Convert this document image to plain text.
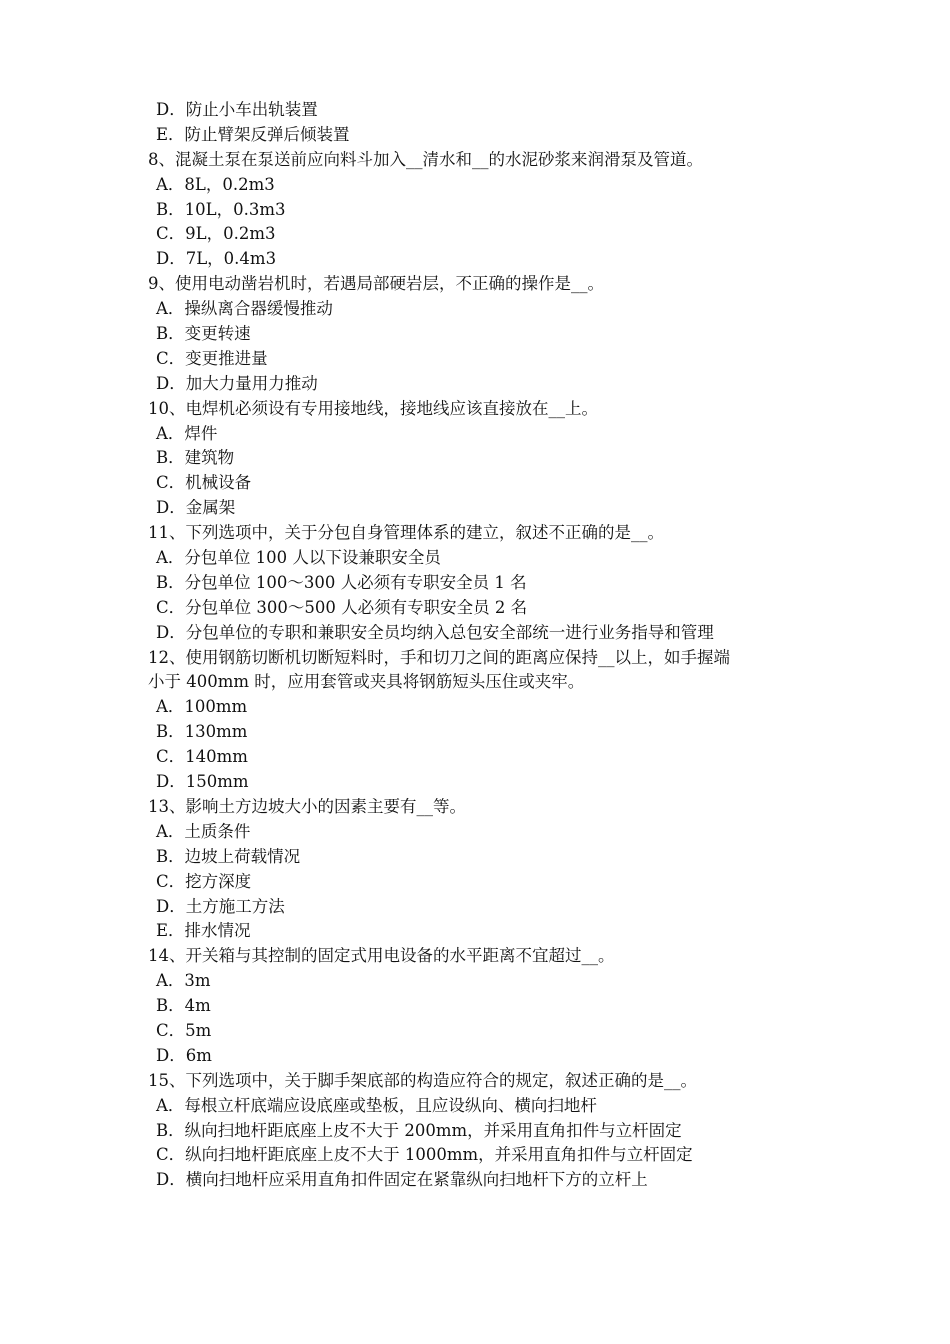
D．防止小车出轨装置
E．防止臂架反弹后倾装置
8、混凝土泵在泵送前应向料斗加入__清水和__的水泥砂浆来润滑泵及管道。
A．8L，0.2m3
B．10L，0.3m3
C．9L，0.2m3
D．7L，0.4m3
9、使用电动凿岩机时，若遇局部硬岩层，不正确的操作是__。
A．操纵离合器缓慢推动
B．变更转速
C．变更推进量
D．加大力量用力推动
10、电焊机必须设有专用接地线，接地线应该直接放在__上。
A．焊件
B．建筑物
C．机械设备
D．金属架
11、下列选项中，关于分包自身管理体系的建立，叙述不正确的是__。
A．分包单位 100 人以下设兼职安全员
B．分包单位 100～300 人必须有专职安全员 1 名
C．分包单位 300～500 人必须有专职安全员 2 名
D．分包单位的专职和兼职安全员均纳入总包安全部统一进行业务指导和管理
12、使用钢筋切断机切断短料时，手和切刀之间的距离应保持__以上，如手握端
小于 400mm 时，应用套管或夹具将钢筋短头压住或夹牢。
A．100mm
B．130mm
C．140mm
D．150mm
13、影响土方边坡大小的因素主要有__等。
A．土质条件
B．边坡上荷载情况
C．挖方深度
D．土方施工方法
E．排水情况
14、开关箱与其控制的固定式用电设备的水平距离不宜超过__。
A．3m
B．4m
C．5m
D．6m
15、下列选项中，关于脚手架底部的构造应符合的规定，叙述正确的是__。
A．每根立杆底端应设底座或垫板，且应设纵向、横向扫地杆
B．纵向扫地杆距底座上皮不大于 200mm，并采用直角扣件与立杆固定
C．纵向扫地杆距底座上皮不大于 1000mm，并采用直角扣件与立杆固定
D．横向扫地杆应采用直角扣件固定在紧靠纵向扫地杆下方的立杆上
